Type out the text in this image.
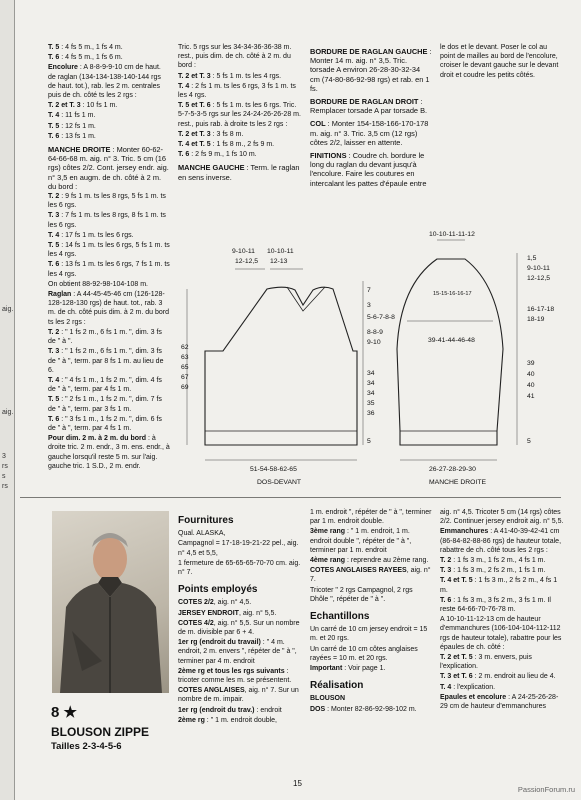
aig.
aig.
3
rs
s
rs

T. 5 : 4 fs 5 m., 1 fs 4 m.

T. 6 : 4 fs 5 m., 1 fs 6 m.

Encolure : A 8-8-9-9-10 cm de haut. de raglan (134-134-138-140-144 rgs de haut. tot.), rab. les 2 m. centrales puis de ch. côté ts les 2 rgs :

T. 2 et T. 3 : 10 fs 1 m.

T. 4 : 11 fs 1 m.

T. 5 : 12 fs 1 m.

T. 6 : 13 fs 1 m.

MANCHE DROITE : Monter 60-62-64-66-68 m. aig. n° 3. Tric. 5 cm (16 rgs) côtes 2/2. Cont. jersey endr. aig. n° 3,5 en augm. de ch. côté à 2 m. du bord :

T. 2 : 9 fs 1 m. ts les 8 rgs, 5 fs 1 m. ts les 6 rgs.

T. 3 : 7 fs 1 m. ts les 8 rgs, 8 fs 1 m. ts les 6 rgs.

T. 4 : 17 fs 1 m. ts les 6 rgs.

T. 5 : 14 fs 1 m. ts les 6 rgs, 5 fs 1 m. ts les 4 rgs.

T. 6 : 13 fs 1 m. ts les 6 rgs, 7 fs 1 m. ts les 4 rgs.

On obtient 88-92-98-104-108 m.

Raglan : A 44-45-45-46 cm (126-128-128-128-130 rgs) de haut. tot., rab. 3 m. de ch. côté puis dim. à 2 m. du bord ts les 2 rgs :

T. 2 : " 1 fs 2 m., 6 fs 1 m. ", dim. 3 fs de " à ".

T. 3 : " 1 fs 2 m., 6 fs 1 m. ", dim. 3 fs de " à ", term. par 8 fs 1 m. au lieu de 6.

T. 4 : " 4 fs 1 m., 1 fs 2 m. ", dim. 4 fs de " à ", term. par 4 fs 1 m.

T. 5 : " 2 fs 1 m., 1 fs 2 m. ", dim. 7 fs de " à ", term. par 3 fs 1 m.

T. 6 : " 3 fs 1 m., 1 fs 2 m. ", dim. 6 fs de " à ", term. par 4 fs 1 m.

Pour dim. 2 m. à 2 m. du bord : à droite tric. 2 m. endr., 3 m. ens. endr., à gauche lorsqu'il reste 5 m. sur l'aig. gauche tric. 1 S.D., 2 m. endr.

Tric. 5 rgs sur les 34-34-36-36-38 m. rest., puis dim. de ch. côté à 2 m. du bord :

T. 2 et T. 3 : 5 fs 1 m. ts les 4 rgs.

T. 4 : 2 fs 1 m. ts les 6 rgs, 3 fs 1 m. ts les 4 rgs.

T. 5 et T. 6 : 5 fs 1 m. ts les 6 rgs. Tric. 5-7-5-3-5 rgs sur les 24-24-26-26-28 m. rest., puis rab. à droite ts les 2 rgs :

T. 2 et T. 3 : 3 fs 8 m.

T. 4 et T. 5 : 1 fs 8 m., 2 fs 9 m.

T. 6 : 2 fs 9 m., 1 fs 10 m.

MANCHE GAUCHE : Term. le raglan en sens inverse.

BORDURE DE RAGLAN GAUCHE : Monter 14 m. aig. n° 3,5. Tric. torsade A environ 26-28-30-32-34 cm (74-80-86-92-98 rgs) et rab. en 1 fs.

BORDURE DE RAGLAN DROIT : Remplacer torsade A par torsade B.

COL : Monter 154-158-166-170-178 m. aig. n° 3. Tric. 3,5 cm (12 rgs) côtes 2/2, laisser en attente.

FINITIONS : Coudre ch. bordure le long du raglan du devant jusqu'à l'encolure. Faire les coutures en intercalant les pattes d'épaule entre

le dos et le devant. Poser le col au point de mailles au bord de l'encolure, croiser le devant gauche sur le devant droit et coudre les petits côtés.

9-10-11
12-12,5
10-10-11
12-13
62
63
65
67
69
7
3
5-6-7-8-8
8-8-9
9-10
34
34
34
35
36
5
51-54-58-62-65
DOS-DEVANT
10-10-11-11-12
15-15-16-16-17
1,5
9-10-11
12-12,5
16-17-18
18-19
39-41-44-46-48
39
40
40
41
5
26-27-28-29-30
MANCHE DROITE
8 ★
BLOUSON ZIPPE
Tailles 2-3-4-5-6
Fournitures

Qual. ALASKA,

Campagnol = 17-18-19-21-22 pel., aig. n° 4,5 et 5,5,

1 fermeture de 65-65-65-70-70 cm. aig. n° 7.

Points employés

COTES 2/2, aig. n° 4,5.

JERSEY ENDROIT, aig. n° 5,5.

COTES 4/2, aig. n° 5,5. Sur un nombre de m. divisible par 6 + 4.

1er rg (endroit du travail) : " 4 m. endroit, 2 m. envers ", répéter de " à ", terminer par 4 m. endroit

2ème rg et tous les rgs suivants : tricoter comme les m. se présentent.

COTES ANGLAISES, aig. n° 7. Sur un nombre de m. impair.

1er rg (endroit du trav.) : endroit

2ème rg : " 1 m. endroit double,

1 m. endroit ", répéter de " à ", terminer par 1 m. endroit double.

3ème rang : " 1 m. endroit, 1 m. endroit double ", répéter de " à ", terminer par 1 m. endroit

4ème rang : reprendre au 2ème rang.

COTES ANGLAISES RAYEES, aig. n° 7.

Tricoter " 2 rgs Campagnol, 2 rgs Dhôle ", répéter de " à ".

Echantillons

Un carré de 10 cm jersey endroit = 15 m. et 20 rgs.

Un carré de 10 cm côtes anglaises rayées = 10 m. et 20 rgs.

Important : Voir page 1.

Réalisation

BLOUSON

DOS : Monter 82-86-92-98-102 m.

aig. n° 4,5. Tricoter 5 cm (14 rgs) côtes 2/2. Continuer jersey endroit aig. n° 5,5.

Emmanchures : A 41-40-39-42-41 cm (86-84-82-88-86 rgs) de hauteur totale, rabattre de ch. côté tous les 2 rgs :

T. 2 : 1 fs 3 m., 1 fs 2 m., 4 fs 1 m.

T. 3 : 1 fs 3 m., 2 fs 2 m., 1 fs 1 m.

T. 4 et T. 5 : 1 fs 3 m., 2 fs 2 m., 4 fs 1 m.

T. 6 : 1 fs 3 m., 3 fs 2 m., 3 fs 1 m. Il reste 64-66-70-76-78 m.

A 10-10-11-12-13 cm de hauteur d'emmanchures (106-104-104-112-112 rgs de hauteur totale), rabattre pour les épaules de ch. côté :

T. 2 et T. 5 : 3 m. envers, puis l'explication.

T. 3 et T. 6 : 2 m. endroit au lieu de 4.

T. 4 : l'explication.

Epaules et encolure : A 24-25-26-28-29 cm de hauteur d'emmanchures

15
PassionForum.ru
